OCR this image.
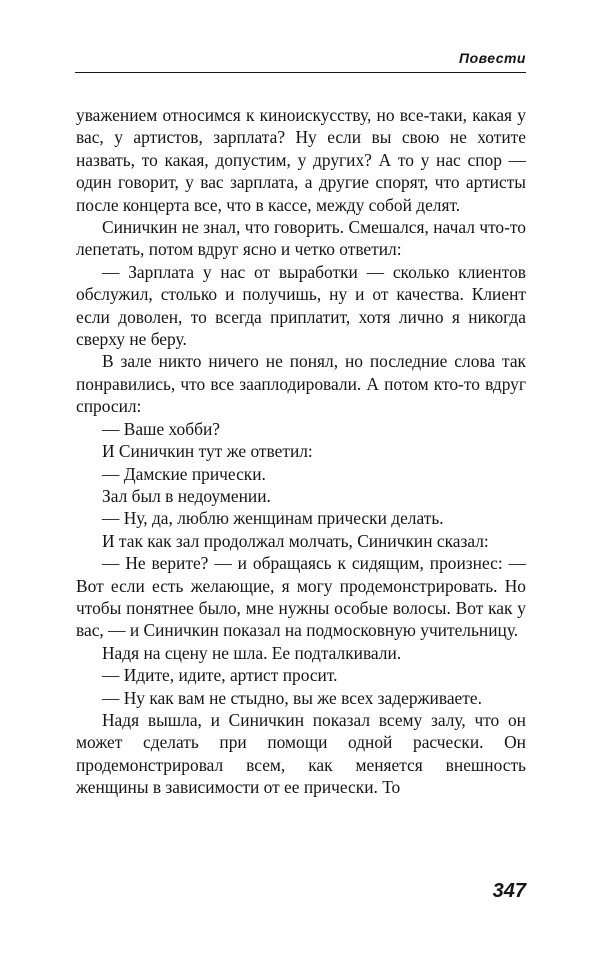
Повести

уважением относимся к киноискусству, но все-таки, какая у вас, у артистов, зарплата? Ну если вы свою не хотите назвать, то какая, допустим, у других? А то у нас спор — один говорит, у вас зарплата, а другие спорят, что артисты после концерта все, что в кассе, между собой делят.

Синичкин не знал, что говорить. Смешался, начал что-то лепетать, потом вдруг ясно и четко ответил:

— Зарплата у нас от выработки — сколько клиентов обслужил, столько и получишь, ну и от качества. Клиент если доволен, то всегда приплатит, хотя лично я никогда сверху не беру.

В зале никто ничего не понял, но последние слова так понравились, что все зааплодировали. А потом кто-то вдруг спросил:

— Ваше хобби?

И Синичкин тут же ответил:

— Дамские прически.

Зал был в недоумении.

— Ну, да, люблю женщинам прически делать.

И так как зал продолжал молчать, Синичкин сказал:

— Не верите? — и обращаясь к сидящим, произнес: — Вот если есть желающие, я могу продемонстрировать. Но чтобы понятнее было, мне нужны особые волосы. Вот как у вас, — и Синичкин показал на подмосковную учительницу.

Надя на сцену не шла. Ее подталкивали.

— Идите, идите, артист просит.

— Ну как вам не стыдно, вы же всех задерживаете.

Надя вышла, и Синичкин показал всему залу, что он может сделать при помощи одной расчески. Он продемонстрировал всем, как меняется внешность женщины в зависимости от ее прически. То

347
